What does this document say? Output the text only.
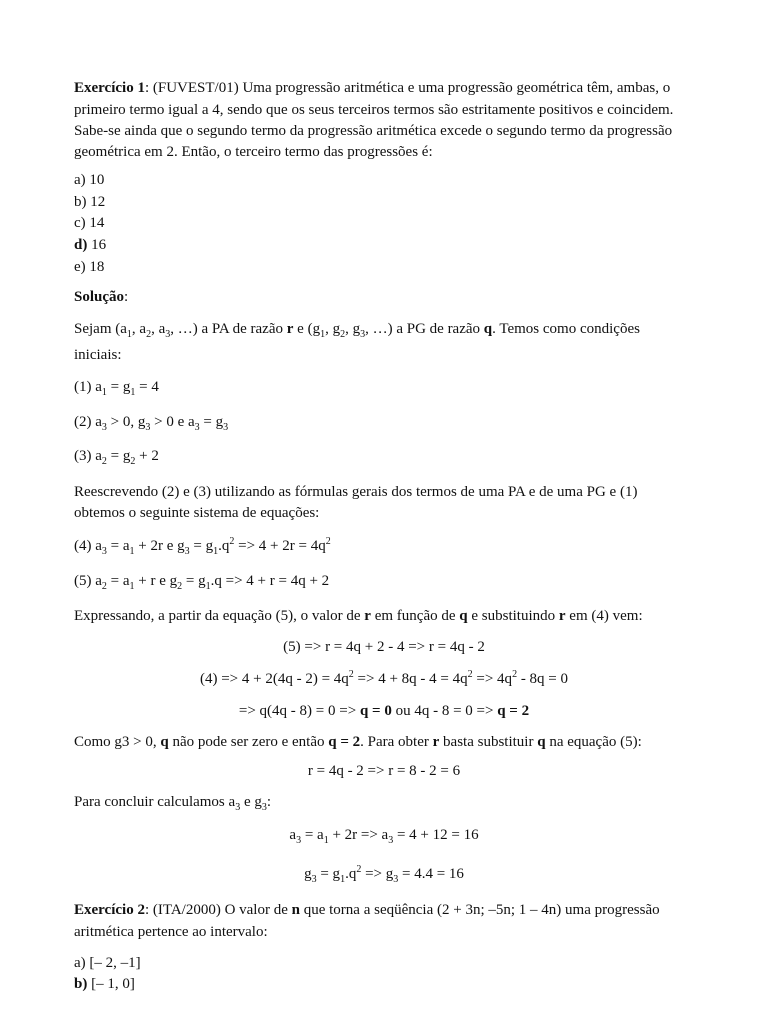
Exercício 1: (FUVEST/01) Uma progressão aritmética e uma progressão geométrica têm, ambas, o
primeiro termo igual a 4, sendo que os seus terceiros termos são estritamente positivos e coincidem.
Sabe-se ainda que o segundo termo da progressão aritmética excede o segundo termo da progressão
geométrica em 2. Então, o terceiro termo das progressões é:
a) 10
b) 12
c) 14
d) 16
e) 18
Solução:
Sejam ($a_1$, $a_2$, $a_3$, …) a PA de razão r e ($g_1$, $g_2$, $g_3$, …) a PG de razão q. Temos como condições
iniciais:
(1) $a_1 = g_1 = 4$
(2) $a_3 > 0$, $g_3 > 0$ e $a_3 = g_3$
(3) $a_2 = g_2 + 2$
Reescrevendo (2) e (3) utilizando as fórmulas gerais dos termos de uma PA e de uma PG e (1)
obtemos o seguinte sistema de equações:
(4) $a_3 = a_1 + 2r$ e $g_3 = g_1.q^2 => 4 + 2r = 4q^2$
(5) $a_2 = a_1 + r$ e $g_2 = g_1.q => 4 + r = 4q + 2$
Expressando, a partir da equação (5), o valor de r em função de q e substituindo r em (4) vem:
(5) => r = 4q + 2 - 4 => r = 4q - 2
$(4) => 4 + 2(4q - 2) = 4q^2 => 4 + 8q - 4 = 4q^2 => 4q^2 - 8q = 0$
=> q(4q - 8) = 0 => q = 0 ou 4q - 8 = 0 => q = 2
Como g3 > 0, q não pode ser zero e então q = 2. Para obter r basta substituir q na equação (5):
r = 4q - 2 => r = 8 - 2 = 6
Para concluir calculamos $a_3$ e $g_3$:
$a_3 = a_1 + 2r => a_3 = 4 + 12 = 16$
$g_3 = g_1.q^2 => g_3 = 4.4 = 16$
Exercício 2: (ITA/2000) O valor de n que torna a seqüência (2 + 3n; –5n; 1 – 4n) uma progressão
aritmética pertence ao intervalo:
a) [– 2, –1]
b) [– 1, 0]
